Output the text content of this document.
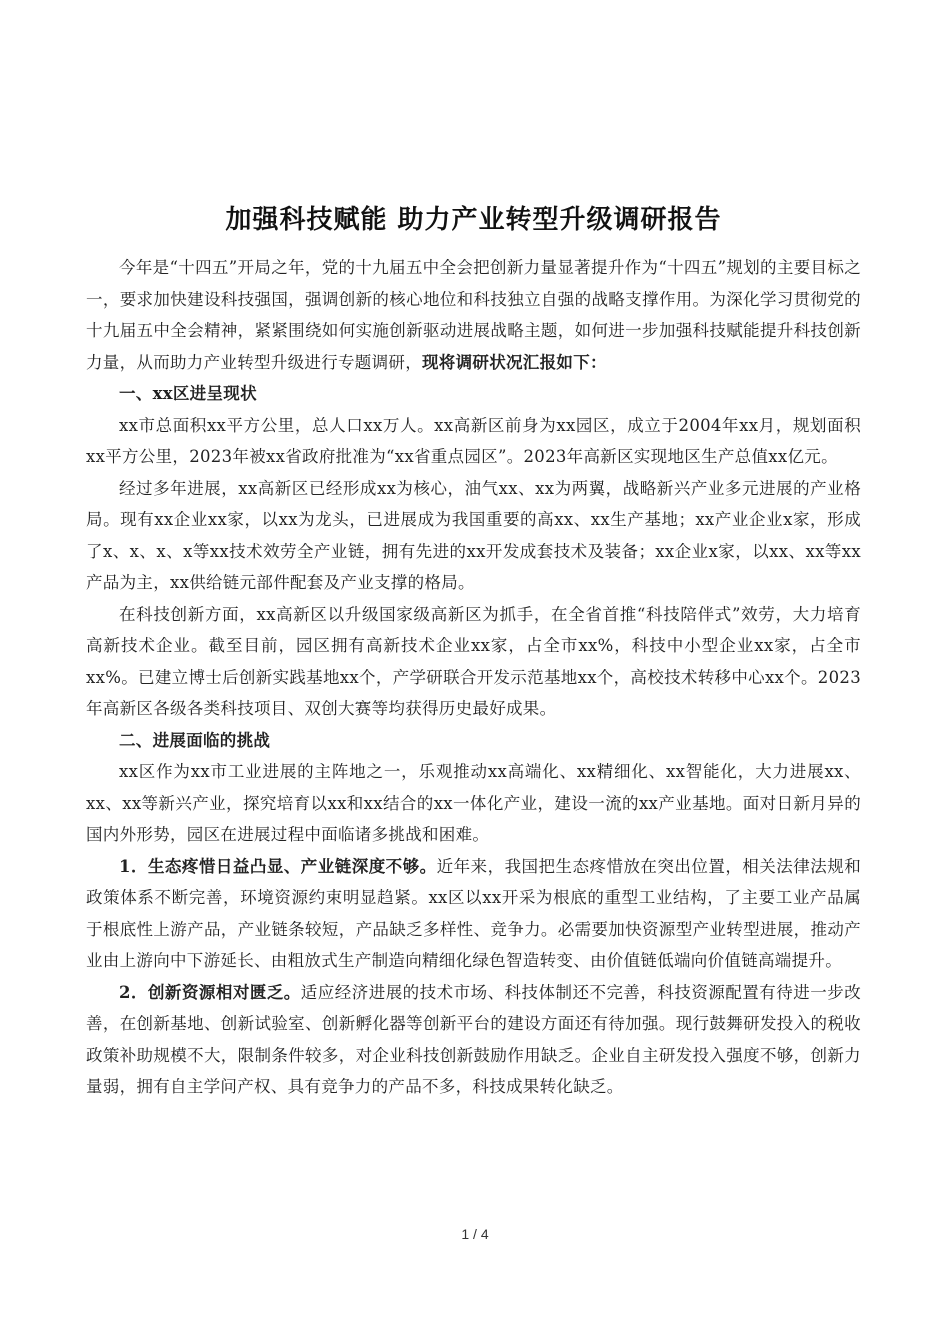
加强科技赋能 助力产业转型升级调研报告

今年是“十四五”开局之年，党的十九届五中全会把创新力量显著提升作为“十四五”规划的主要目标之一，要求加快建设科技强国，强调创新的核心地位和科技独立自强的战略支撑作用。为深化学习贯彻党的十九届五中全会精神，紧紧围绕如何实施创新驱动进展战略主题，如何进一步加强科技赋能提升科技创新力量，从而助力产业转型升级进行专题调研，现将调研状况汇报如下：

一、xx区进呈现状

xx市总面积xx平方公里，总人口xx万人。xx高新区前身为xx园区，成立于2004年xx月，规划面积xx平方公里，2023年被xx省政府批准为“xx省重点园区”。2023年高新区实现地区生产总值xx亿元。

经过多年进展，xx高新区已经形成xx为核心，油气xx、xx为两翼，战略新兴产业多元进展的产业格局。现有xx企业xx家，以xx为龙头，已进展成为我国重要的高xx、xx生产基地；xx产业企业x家，形成了x、x、x、x等xx技术效劳全产业链，拥有先进的xx开发成套技术及装备；xx企业x家，以xx、xx等xx产品为主，xx供给链元部件配套及产业支撑的格局。

在科技创新方面，xx高新区以升级国家级高新区为抓手，在全省首推“科技陪伴式”效劳，大力培育高新技术企业。截至目前，园区拥有高新技术企业xx家，占全市xx%，科技中小型企业xx家，占全市xx%。已建立博士后创新实践基地xx个，产学研联合开发示范基地xx个，高校技术转移中心xx个。2023年高新区各级各类科技项目、双创大赛等均获得历史最好成果。

二、进展面临的挑战

xx区作为xx市工业进展的主阵地之一，乐观推动xx高端化、xx精细化、xx智能化，大力进展xx、xx、xx等新兴产业，探究培育以xx和xx结合的xx一体化产业，建设一流的xx产业基地。面对日新月异的国内外形势，园区在进展过程中面临诸多挑战和困难。

1．生态疼惜日益凸显、产业链深度不够。近年来，我国把生态疼惜放在突出位置，相关法律法规和政策体系不断完善，环境资源约束明显趋紧。xx区以xx开采为根底的重型工业结构，了主要工业产品属于根底性上游产品，产业链条较短，产品缺乏多样性、竞争力。必需要加快资源型产业转型进展，推动产业由上游向中下游延长、由粗放式生产制造向精细化绿色智造转变、由价值链低端向价值链高端提升。

2．创新资源相对匮乏。适应经济进展的技术市场、科技体制还不完善，科技资源配置有待进一步改善，在创新基地、创新试验室、创新孵化器等创新平台的建设方面还有待加强。现行鼓舞研发投入的税收政策补助规模不大，限制条件较多，对企业科技创新鼓励作用缺乏。企业自主研发投入强度不够，创新力量弱，拥有自主学问产权、具有竞争力的产品不多，科技成果转化缺乏。

1 / 4
